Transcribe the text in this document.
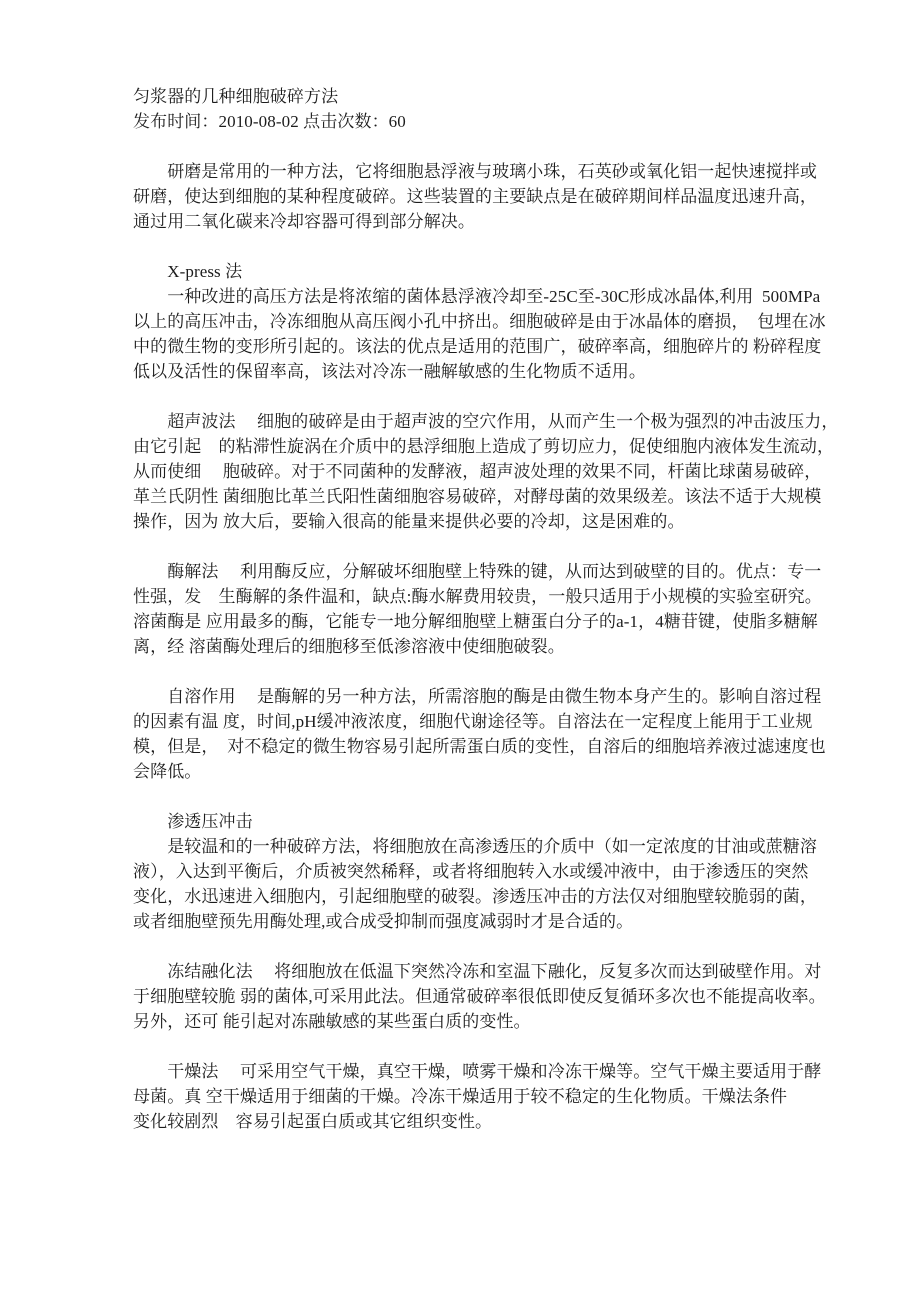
匀浆器的几种细胞破碎方法
发布时间：2010-08-02 点击次数：60
　　研磨是常用的一种方法，它将细胞悬浮液与玻璃小珠，石英砂或氧化铝一起快速搅拌或
研磨，使达到细胞的某种程度破碎。这些装置的主要缺点是在破碎期间样品温度迅速升高，
通过用二氧化碳来冷却容器可得到部分解决。
　　X-press 法
　　一种改进的高压方法是将浓缩的菌体悬浮液冷却至-25C至-30C形成冰晶体,利用  500MPa
以上的高压冲击，冷冻细胞从高压阀小孔中挤出。细胞破碎是由于冰晶体的磨损，  包埋在冰
中的微生物的变形所引起的。该法的优点是适用的范围广，破碎率高，细胞碎片的 粉碎程度
低以及活性的保留率高，该法对冷冻一融解敏感的生化物质不适用。
　　超声波法　 细胞的破碎是由于超声波的空穴作用，从而产生一个极为强烈的冲击波压力，
由它引起　的粘滞性旋涡在介质中的悬浮细胞上造成了剪切应力，促使细胞内液体发生流动，
从而使细　 胞破碎。对于不同菌种的发酵液，超声波处理的效果不同，杆菌比球菌易破碎，
革兰氏阴性 菌细胞比革兰氏阳性菌细胞容易破碎，对酵母菌的效果级差。该法不适于大规模
操作，因为 放大后，要输入很高的能量来提供必要的冷却，这是困难的。
　　酶解法　 利用酶反应，分解破坏细胞壁上特殊的键，从而达到破壁的目的。优点：专一
性强，发　生酶解的条件温和，缺点:酶水解费用较贵，一般只适用于小规模的实验室研究。
溶菌酶是 应用最多的酶，它能专一地分解细胞壁上糖蛋白分子的a-1，4糖苷键，使脂多糖解
离，经 溶菌酶处理后的细胞移至低渗溶液中使细胞破裂。
　　自溶作用　 是酶解的另一种方法，所需溶胞的酶是由微生物本身产生的。影响自溶过程
的因素有温 度，时间,pH缓冲液浓度，细胞代谢途径等。自溶法在一定程度上能用于工业规
模，但是，  对不稳定的微生物容易引起所需蛋白质的变性，自溶后的细胞培养液过滤速度也
会降低。
　　渗透压冲击
　　是较温和的一种破碎方法，将细胞放在高渗透压的介质中（如一定浓度的甘油或蔗糖溶
液），入达到平衡后，介质被突然稀释，或者将细胞转入水或缓冲液中，由于渗透压的突然
变化，水迅速进入细胞内，引起细胞壁的破裂。渗透压冲击的方法仅对细胞壁较脆弱的菌，
或者细胞壁预先用酶处理,或合成受抑制而强度减弱时才是合适的。
　　冻结融化法　 将细胞放在低温下突然冷冻和室温下融化，反复多次而达到破壁作用。对
于细胞壁较脆 弱的菌体,可采用此法。但通常破碎率很低即使反复循环多次也不能提高收率。
另外，还可 能引起对冻融敏感的某些蛋白质的变性。
　　干燥法　 可采用空气干燥，真空干燥，喷雾干燥和冷冻干燥等。空气干燥主要适用于酵
母菌。真 空干燥适用于细菌的干燥。冷冻干燥适用于较不稳定的生化物质。干燥法条件
变化较剧烈　容易引起蛋白质或其它组织变性。
